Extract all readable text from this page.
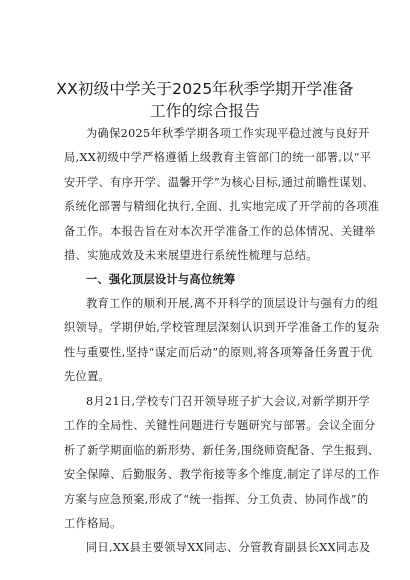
XX初级中学关于2025年秋季学期开学准备
工作的综合报告
为确保2025年秋季学期各项工作实现平稳过渡与良好开
局,XX初级中学严格遵循上级教育主管部门的统一部署,以“平
安开学、有序开学、温馨开学”为核心目标,通过前瞻性谋划、
系统化部署与精细化执行,全面、扎实地完成了开学前的各项准
备工作。本报告旨在对本次开学准备工作的总体情况、关键举
措、实施成效及未来展望进行系统性梳理与总结。
一、强化顶层设计与高位统筹
教育工作的顺利开展,离不开科学的顶层设计与强有力的组
织领导。学期伊始,学校管理层深刻认识到开学准备工作的复杂
性与重要性,坚持“谋定而后动”的原则,将各项筹备任务置于优
先位置。
8月21日,学校专门召开领导班子扩大会议,对新学期开学
工作的全局性、关键性问题进行专题研究与部署。会议全面分
析了新学期面临的新形势、新任务,围绕师资配备、学生报到、
安全保障、后勤服务、教学衔接等多个维度,制定了详尽的工作
方案与应急预案,形成了“统一指挥、分工负责、协同作战”的
工作格局。
同日,XX县主要领导XX同志、分管教育副县长XX同志及
